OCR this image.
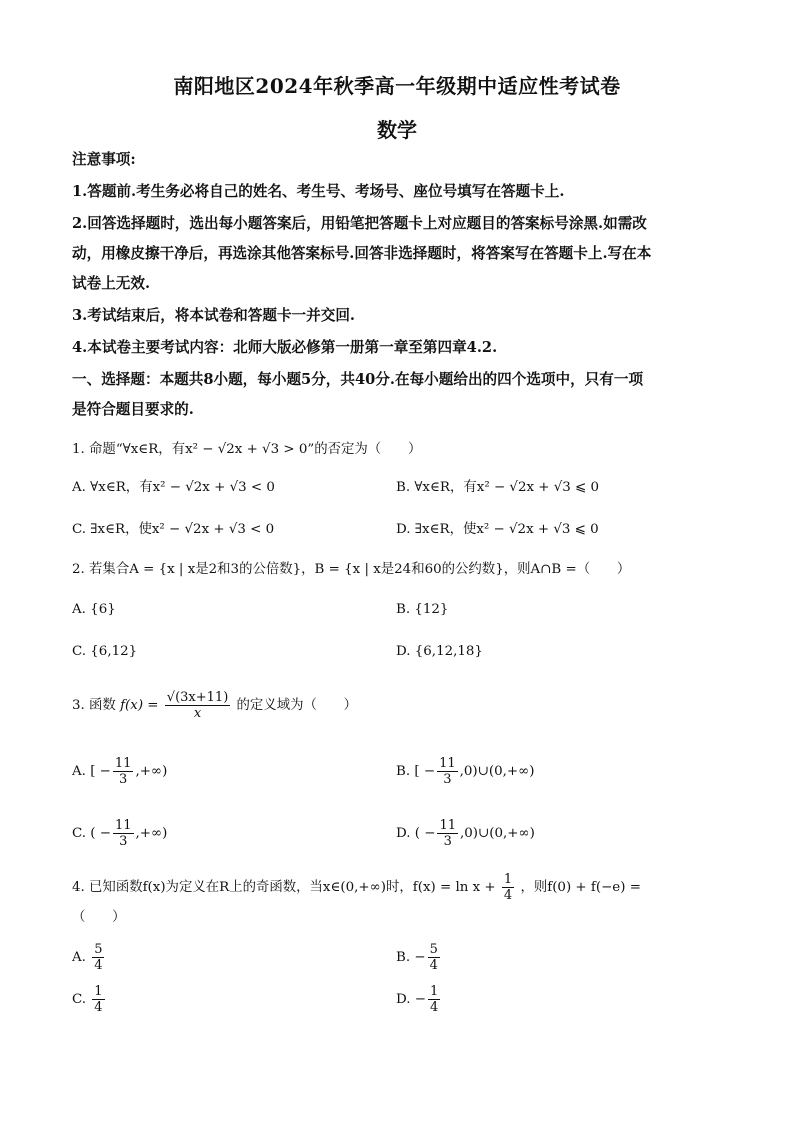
南阳地区2024年秋季高一年级期中适应性考试卷
数学
注意事项:
1.答题前.考生务必将自己的姓名、考生号、考场号、座位号填写在答题卡上.
2.回答选择题时，选出每小题答案后，用铅笔把答题卡上对应题目的答案标号涂黑.如需改
动，用橡皮擦干净后，再选涂其他答案标号.回答非选择题时，将答案写在答题卡上.写在本
试卷上无效.
3.考试结束后，将本试卷和答题卡一并交回.
4.本试卷主要考试内容：北师大版必修第一册第一章至第四章4.2.
一、选择题：本题共8小题，每小题5分，共40分.在每小题给出的四个选项中，只有一项
是符合题目要求的.
1. 命题“∀x∈R，有x² − √2x + √3 > 0”的否定为（　　）
A. ∀x∈R，有x² − √2x + √3 < 0	B. ∀x∈R，有x² − √2x + √3 ⩽ 0
C. ∃x∈R，使x² − √2x + √3 < 0	D. ∃x∈R，使x² − √2x + √3 ⩽ 0
2. 若集合A = {x | x是2和3的公倍数}，B = {x | x是24和60的公约数}，则A∩B =（　　）
A. {6}	B. {12}
C. {6,12}	D. {6,12,18}
3. 函数 $f(x) = \frac{√(3x+11)}{x}$ 的定义域为（　　）
A. [ − $\frac{11}{3}$ ,+∞)	B. [ − $\frac{11}{3}$ ,0)∪(0,+∞)
C. ( − $\frac{11}{3}$ ,+∞)	D. ( − $\frac{11}{3}$ ,0)∪(0,+∞)
4. 已知函数f(x)为定义在R上的奇函数，当x∈(0,+∞)时，$f(x) = \ln x + \frac{1}{4}$ ，则f(0) + f(−e) =
（　　）
A. $\frac{5}{4}$	B. − $\frac{5}{4}$
C. $\frac{1}{4}$	D. − $\frac{1}{4}$
